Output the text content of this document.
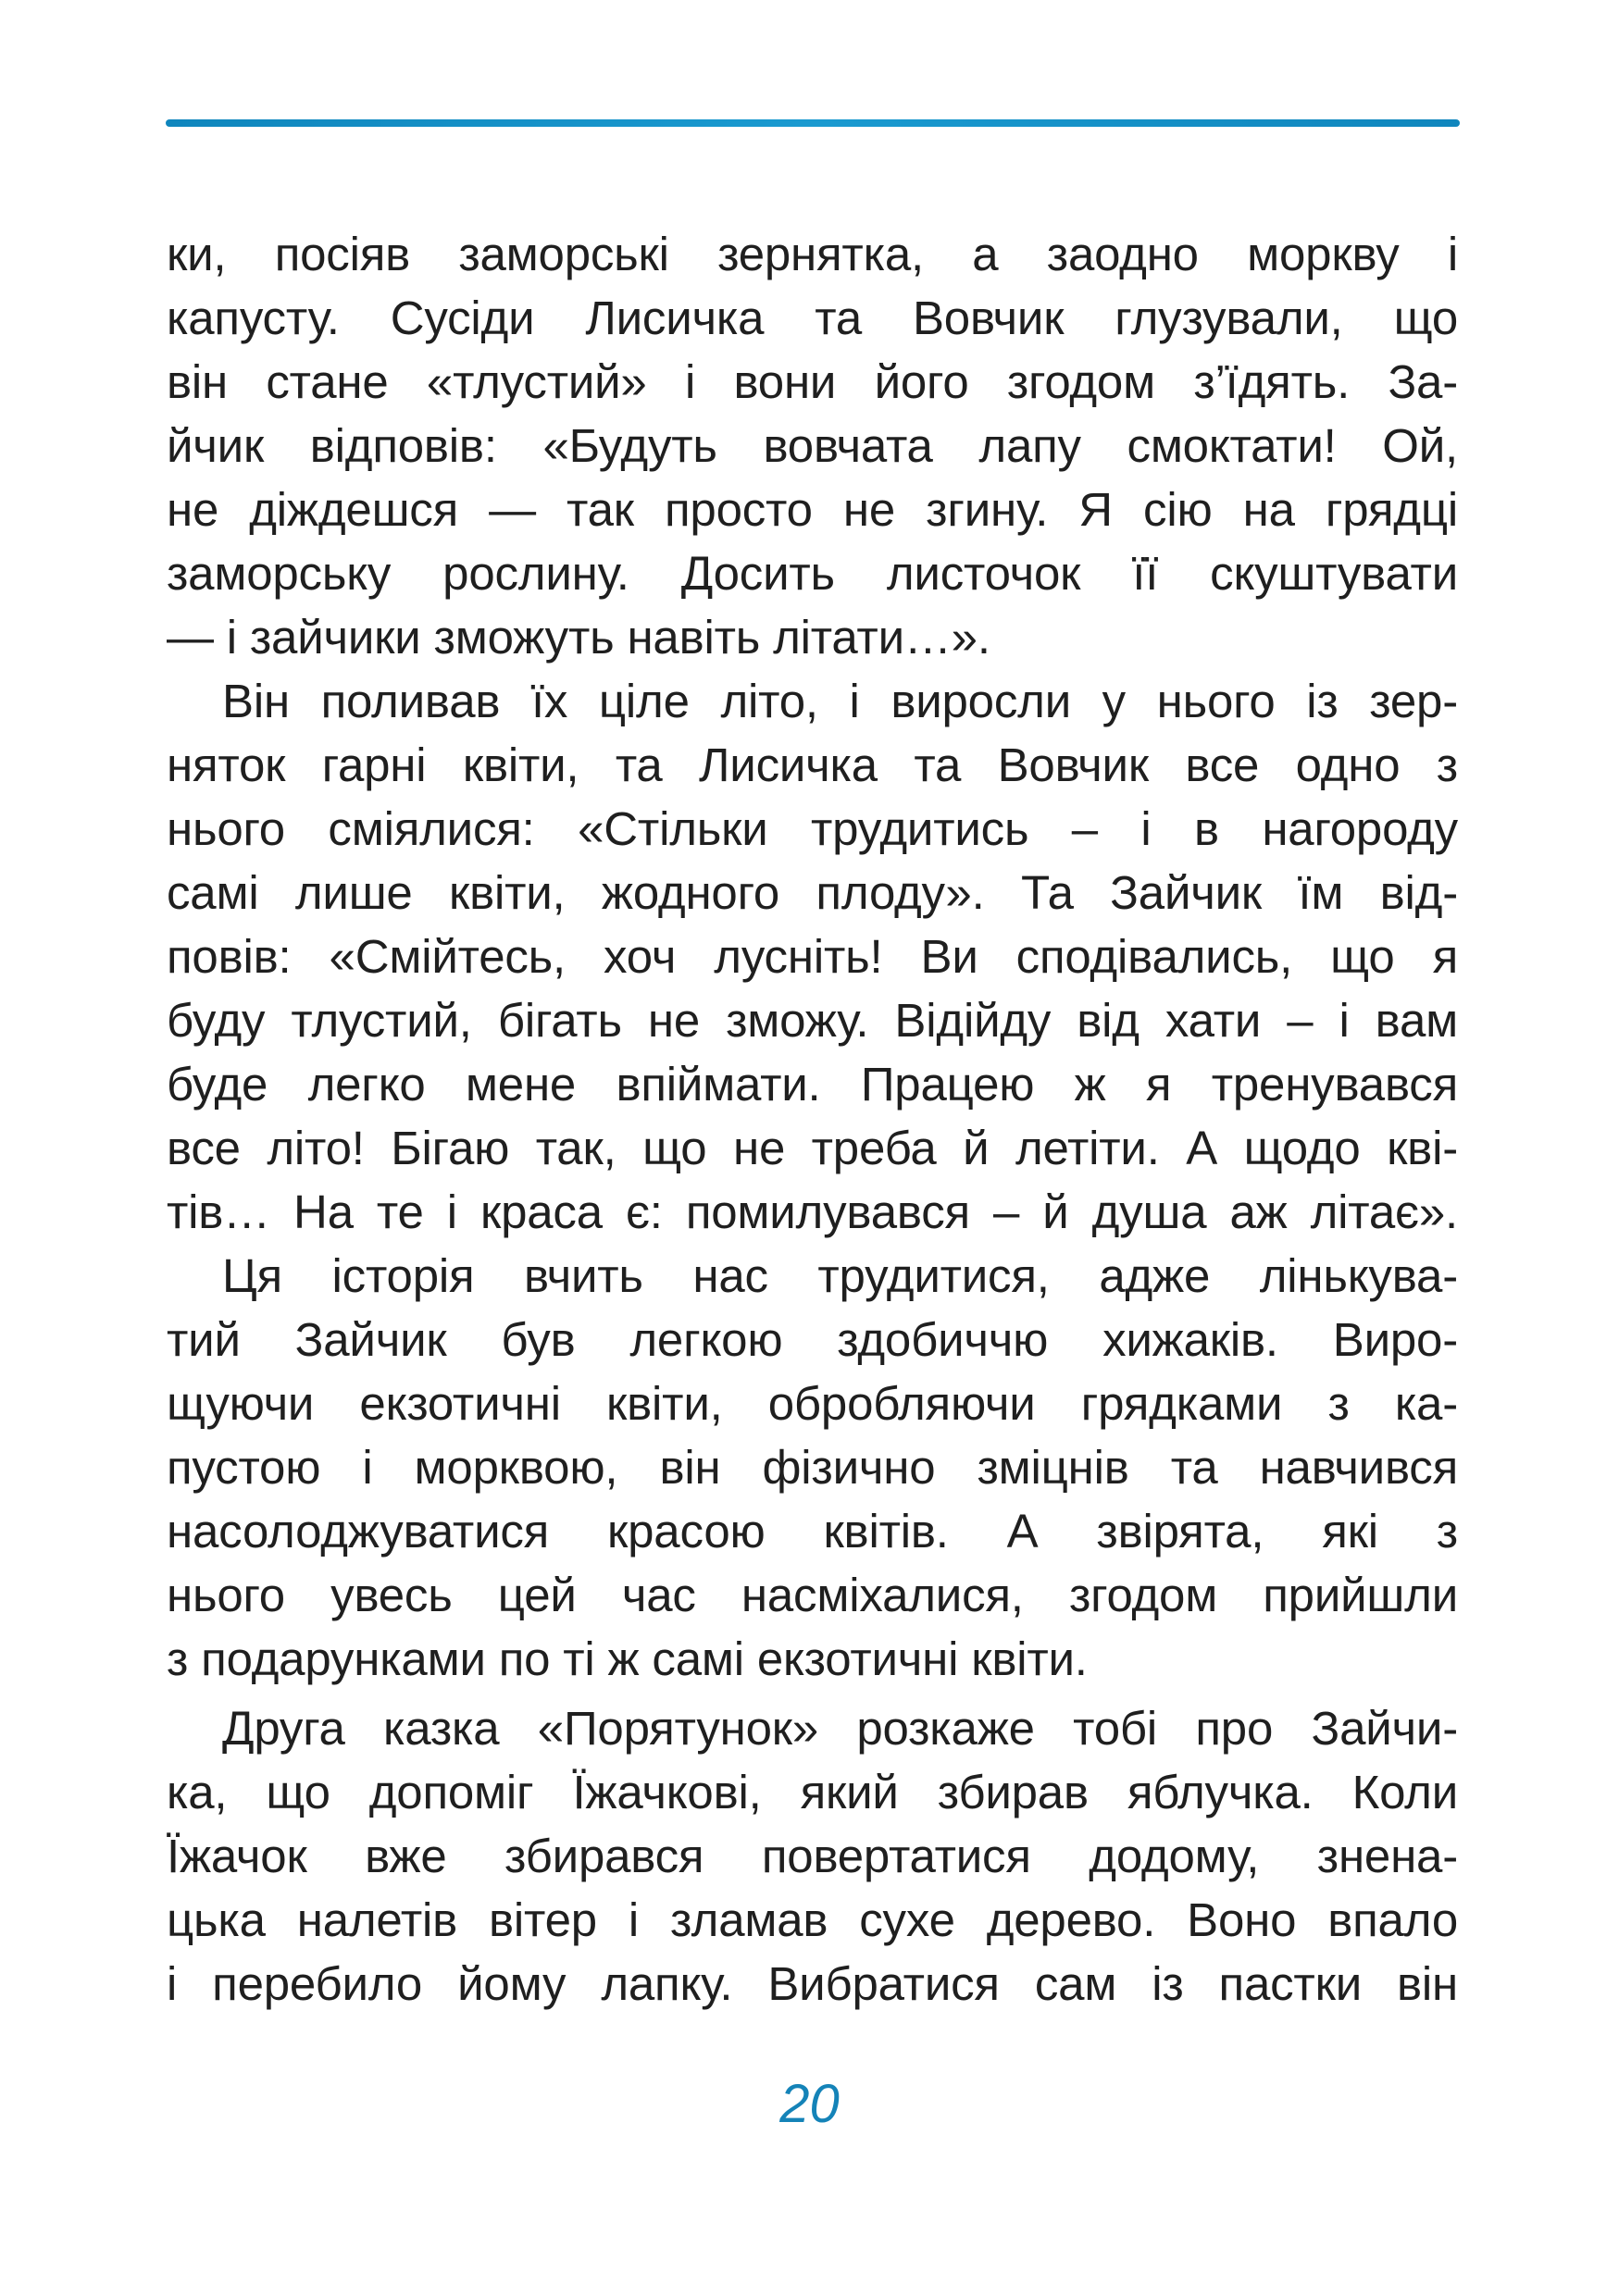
ки, посіяв заморські зернятка, а заодно моркву і
капусту. Сусіди Лисичка та Вовчик глузували, що
він стане «тлустий» і вони його згодом з’їдять. За-
йчик відповів: «Будуть вовчата лапу смоктати! Ой,
не діждешся — так просто не згину. Я сію на грядці
заморську рослину. Досить листочок її скуштувати
— і зайчики зможуть навіть літати…».
Він поливав їх ціле літо, і виросли у нього із зер-
няток гарні квіти, та Лисичка та Вовчик все одно з
нього сміялися: «Стільки трудитись – і в нагороду
самі лише квіти, жодного плоду». Та Зайчик їм від-
повів: «Смійтесь, хоч лусніть! Ви сподівались, що я
буду тлустий, бігать не зможу. Відійду від хати – і вам
буде легко мене впіймати. Працею ж я тренувався
все літо! Бігаю так, що не треба й летіти. А щодо кві-
тів… На те і краса є: помилувався – й душа аж літає».
Ця історія вчить нас трудитися, адже лінькува-
тий Зайчик був легкою здобиччю хижаків. Виро-
щуючи екзотичні квіти, обробляючи грядками з ка-
пустою і морквою, він фізично зміцнів та навчився
насолоджуватися красою квітів. А звірята, які з
нього увесь цей час насміхалися, згодом прийшли
з подарунками по ті ж самі екзотичні квіти.
Друга казка «Порятунок» розкаже тобі про Зайчи-
ка, що допоміг Їжачкові, який збирав яблучка. Коли
Їжачок вже збирався повертатися додому, знена-
цька налетів вітер і зламав сухе дерево. Воно впало
і перебило йому лапку. Вибратися сам із пастки він
20
